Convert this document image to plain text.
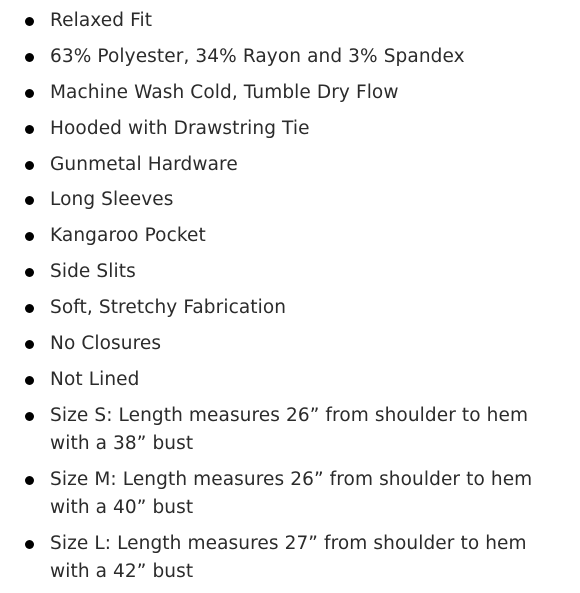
Relaxed Fit
63% Polyester, 34% Rayon and 3% Spandex
Machine Wash Cold, Tumble Dry Flow
Hooded with Drawstring Tie
Gunmetal Hardware
Long Sleeves
Kangaroo Pocket
Side Slits
Soft, Stretchy Fabrication
No Closures
Not Lined
Size S: Length measures 26” from shoulder to hem with a 38” bust
Size M: Length measures 26” from shoulder to hem with a 40” bust
Size L: Length measures 27” from shoulder to hem with a 42” bust
